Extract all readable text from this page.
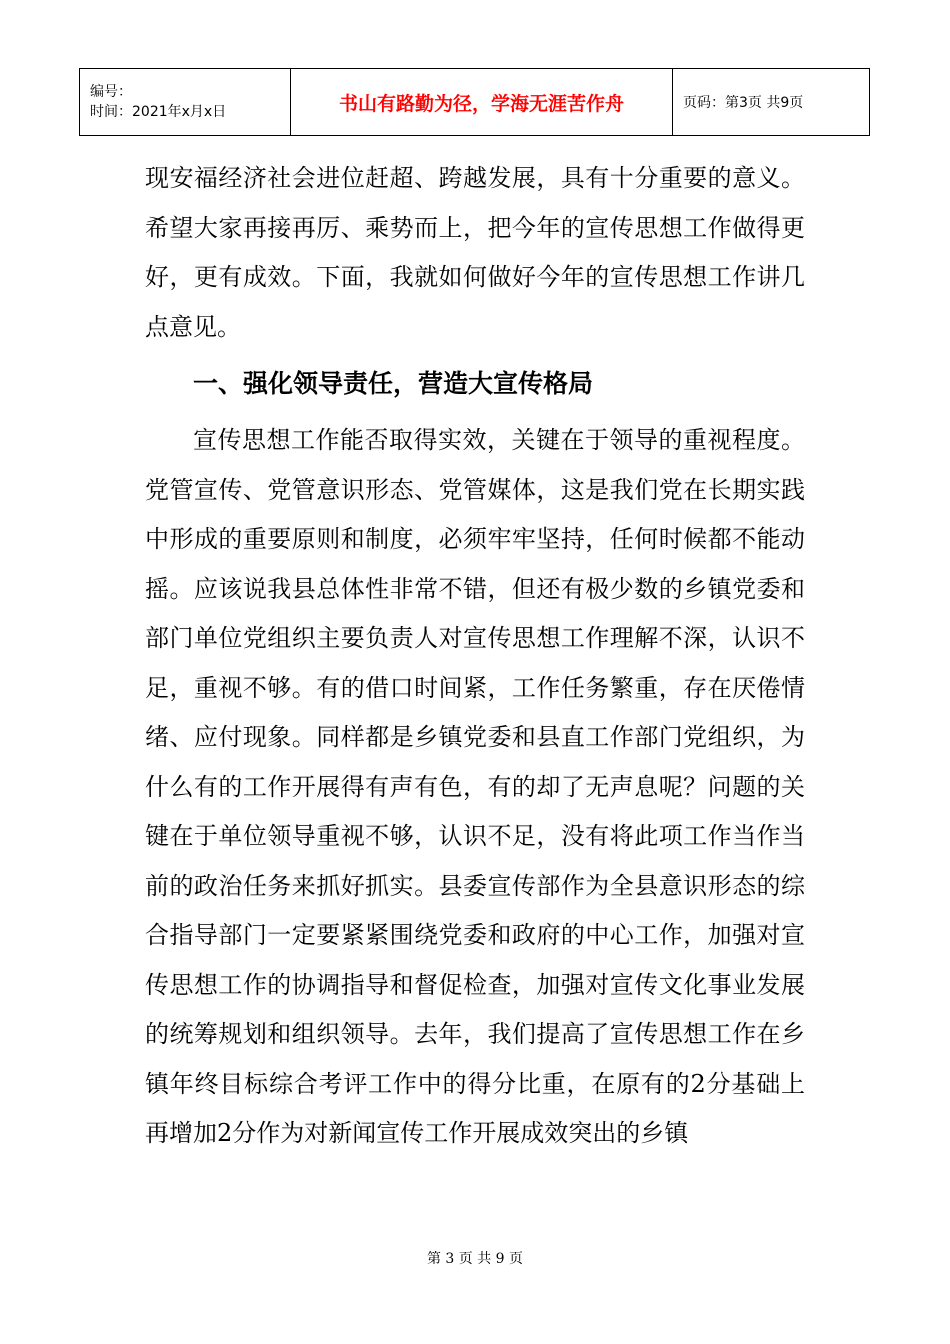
编号：
时间：2021年x月x日	书山有路勤为径，学海无涯苦作舟	页码：第3页 共9页

现安福经济社会进位赶超、跨越发展，具有十分重要的意义。希望大家再接再厉、乘势而上，把今年的宣传思想工作做得更好，更有成效。下面，我就如何做好今年的宣传思想工作讲几点意见。

一、强化领导责任，营造大宣传格局

宣传思想工作能否取得实效，关键在于领导的重视程度。党管宣传、党管意识形态、党管媒体，这是我们党在长期实践中形成的重要原则和制度，必须牢牢坚持，任何时候都不能动摇。应该说我县总体性非常不错，但还有极少数的乡镇党委和部门单位党组织主要负责人对宣传思想工作理解不深，认识不足，重视不够。有的借口时间紧，工作任务繁重，存在厌倦情绪、应付现象。同样都是乡镇党委和县直工作部门党组织，为什么有的工作开展得有声有色，有的却了无声息呢？问题的关键在于单位领导重视不够，认识不足，没有将此项工作当作当前的政治任务来抓好抓实。县委宣传部作为全县意识形态的综合指导部门一定要紧紧围绕党委和政府的中心工作，加强对宣传思想工作的协调指导和督促检查，加强对宣传文化事业发展的统筹规划和组织领导。去年，我们提高了宣传思想工作在乡镇年终目标综合考评工作中的得分比重，在原有的2分基础上再增加2分作为对新闻宣传工作开展成效突出的乡镇

第 3 页 共 9 页
